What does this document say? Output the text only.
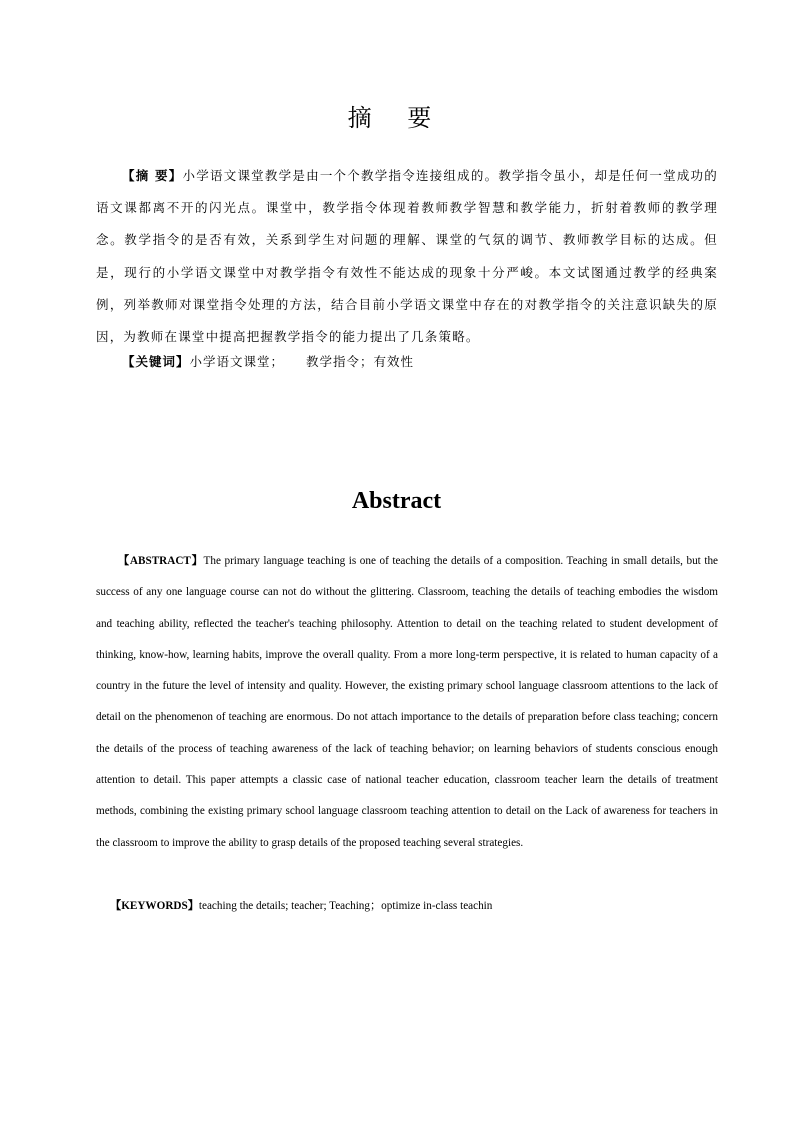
摘 要

【摘 要】小学语文课堂教学是由一个个教学指令连接组成的。教学指令虽小，却是任何一堂成功的语文课都离不开的闪光点。课堂中，教学指令体现着教师教学智慧和教学能力，折射着教师的教学理念。教学指令的是否有效，关系到学生对问题的理解、课堂的气氛的调节、教师教学目标的达成。但是，现行的小学语文课堂中对教学指令有效性不能达成的现象十分严峻。本文试图通过教学的经典案例，列举教师对课堂指令处理的方法，结合目前小学语文课堂中存在的对教学指令的关注意识缺失的原因，为教师在课堂中提高把握教学指令的能力提出了几条策略。

【关键词】小学语文课堂； 教学指令；有效性

Abstract

【ABSTRACT】The primary language teaching is one of teaching the details of a composition. Teaching in small details, but the success of any one language course can not do without the glittering. Classroom, teaching the details of teaching embodies the wisdom and teaching ability, reflected the teacher's teaching philosophy. Attention to detail on the teaching related to student development of thinking, know-how, learning habits, improve the overall quality. From a more long-term perspective, it is related to human capacity of a country in the future the level of intensity and quality. However, the existing primary school language classroom attentions to the lack of detail on the phenomenon of teaching are enormous. Do not attach importance to the details of preparation before class teaching; concern the details of the process of teaching awareness of the lack of teaching behavior; on learning behaviors of students conscious enough attention to detail. This paper attempts a classic case of national teacher education, classroom teacher learn the details of treatment methods, combining the existing primary school language classroom teaching attention to detail on the Lack of awareness for teachers in the classroom to improve the ability to grasp details of the proposed teaching several strategies.

【KEYWORDS】teaching the details; teacher; Teaching；optimize in-class teachin
